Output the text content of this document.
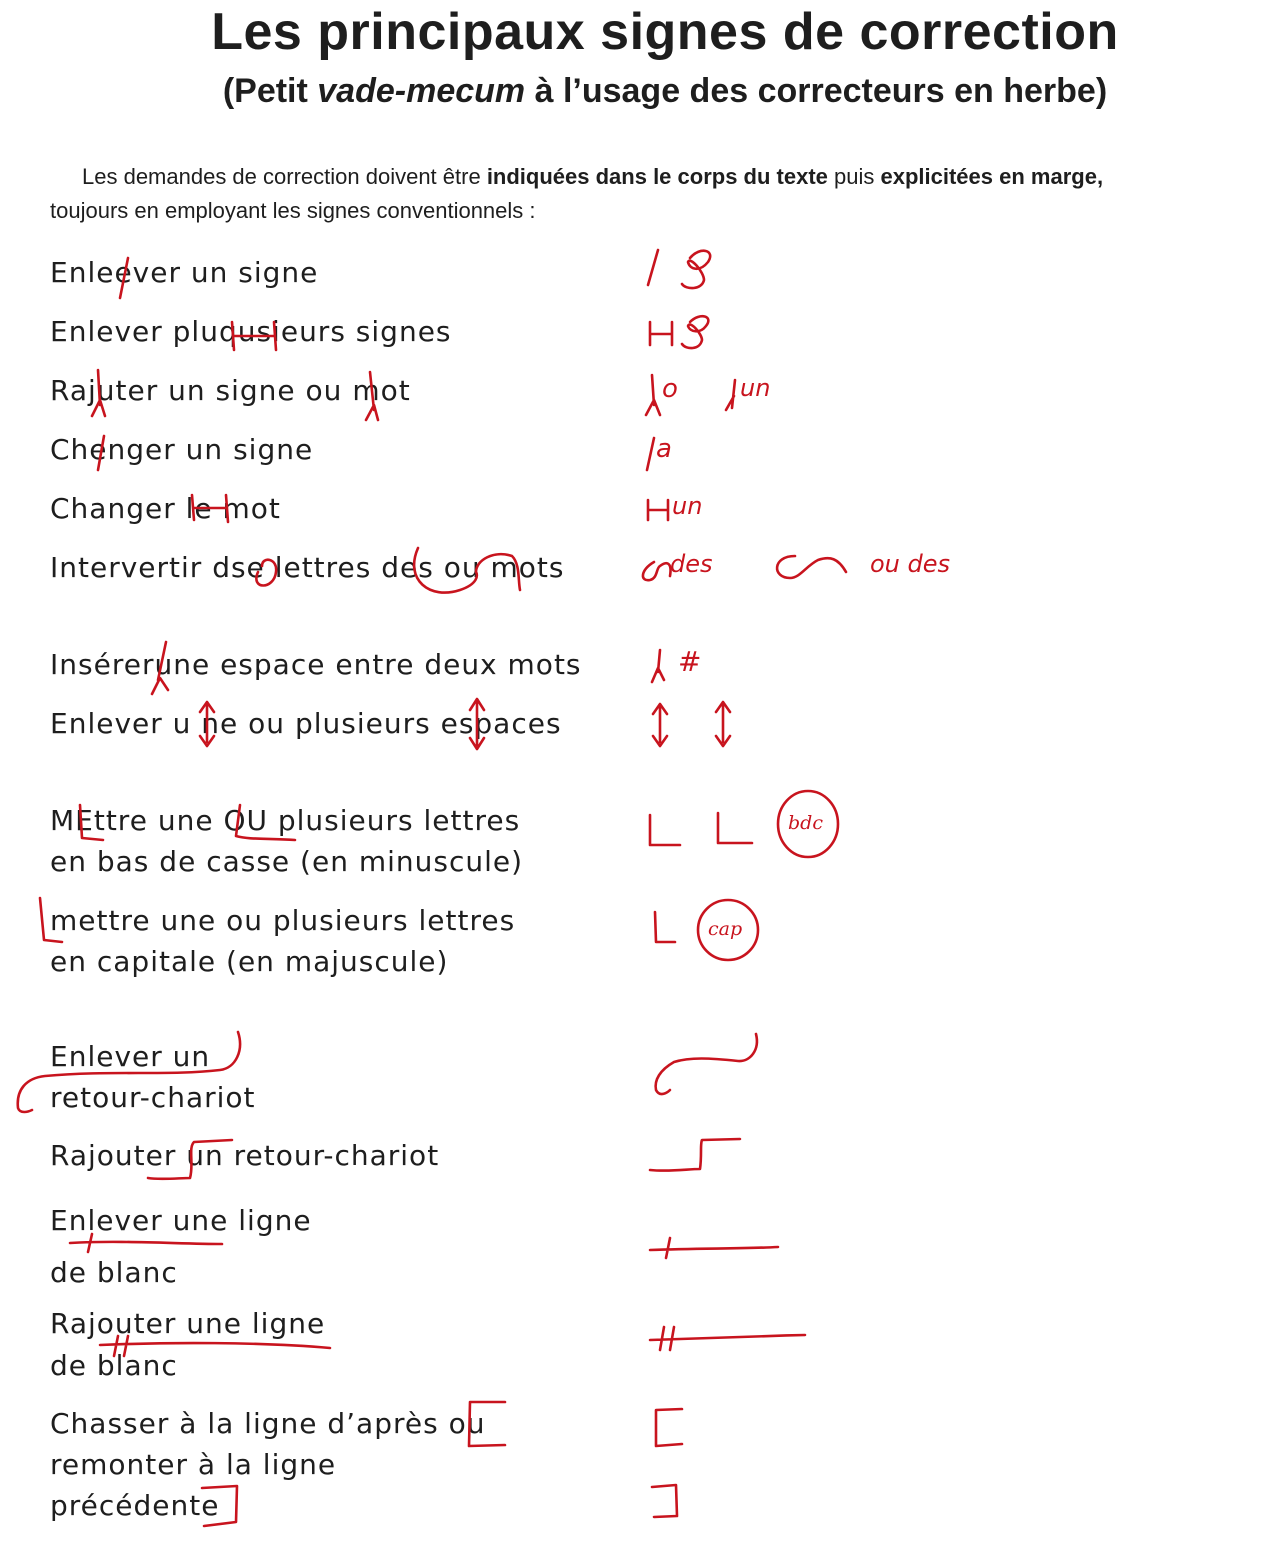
Les principaux signes de correction
(Petit vade-mecum à l’usage des correcteurs en herbe)
Les demandes de correction doivent être indiquées dans le corps du texte puis explicitées en marge,
toujours en employant les signes conventionnels :
Enleever un signe
Enlever pluqusieurs signes
Rajuter un signe ou mot
Chenger un signe
Changer le mot
Intervertir dse lettres des ou mots
Insérerune espace entre deux mots
Enlever u ne ou plusieurs espaces
MEttre une OU plusieurs lettres
en bas de casse (en minuscule)
mettre une ou plusieurs lettres
en capitale (en majuscule)
Enlever un
retour-chariot
Rajouter un retour-chariot
Enlever une ligne
de blanc
Rajouter une ligne
de blanc
Chasser à la ligne d’après ou
remonter à la ligne
précédente
o	un
a
un
des	ou des
#
bdc
cap
